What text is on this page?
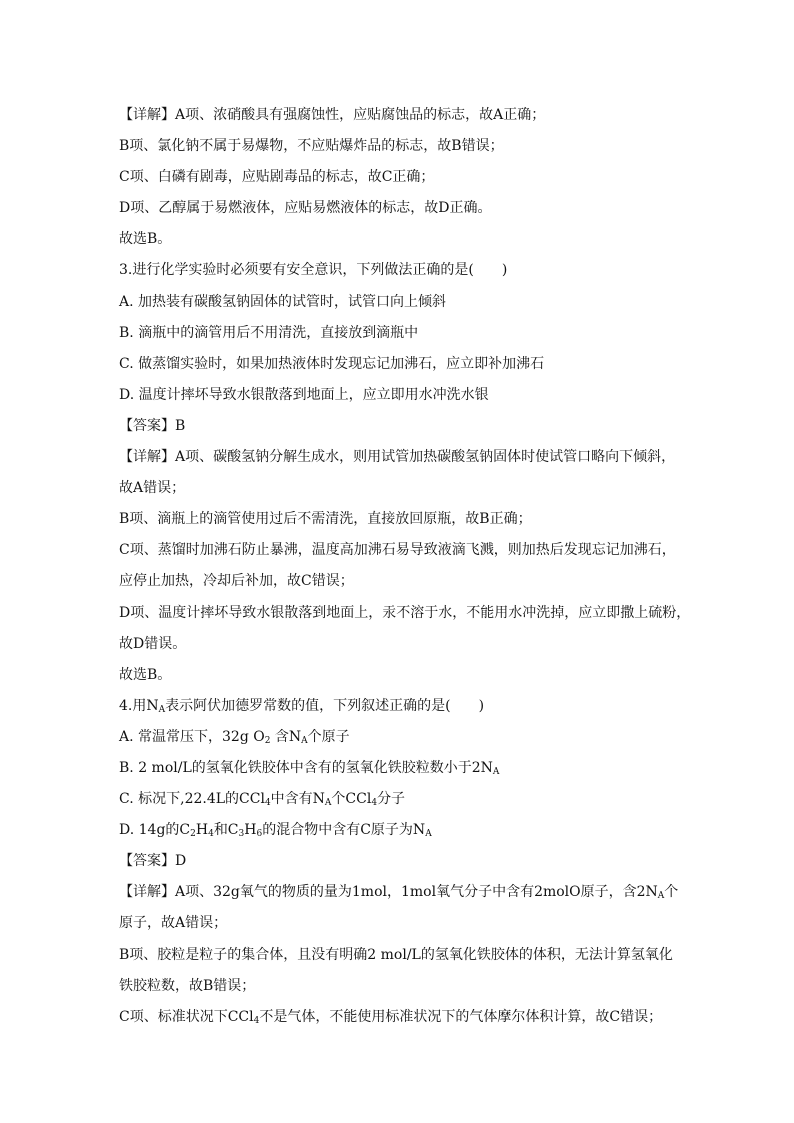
【详解】A项、浓硝酸具有强腐蚀性，应贴腐蚀品的标志，故A正确；
B项、氯化钠不属于易爆物，不应贴爆炸品的标志，故B错误；
C项、白磷有剧毒，应贴剧毒品的标志，故C正确；
D项、乙醇属于易燃液体，应贴易燃液体的标志，故D正确。
故选B。
3.进行化学实验时必须要有安全意识，下列做法正确的是(　　)
A. 加热装有碳酸氢钠固体的试管时，试管口向上倾斜
B. 滴瓶中的滴管用后不用清洗，直接放到滴瓶中
C. 做蒸馏实验时，如果加热液体时发现忘记加沸石，应立即补加沸石
D. 温度计摔坏导致水银散落到地面上，应立即用水冲洗水银
【答案】B
【详解】A项、碳酸氢钠分解生成水，则用试管加热碳酸氢钠固体时使试管口略向下倾斜，
故A错误；
B项、滴瓶上的滴管使用过后不需清洗，直接放回原瓶，故B正确；
C项、蒸馏时加沸石防止暴沸，温度高加沸石易导致液滴飞溅，则加热后发现忘记加沸石，
应停止加热，冷却后补加，故C错误；
D项、温度计摔坏导致水银散落到地面上，汞不溶于水，不能用水冲洗掉，应立即撒上硫粉，
故D错误。
故选B。
4.用$N_A$表示阿伏加德罗常数的值，下列叙述正确的是(　　)
A. 常温常压下，32g $O_2$ 含$N_A$个原子
B. 2 mol/L的氢氧化铁胶体中含有的氢氧化铁胶粒数小于$2N_A$
C. 标况下,22.4L的CCl$_4$中含有$N_A$个CCl$_4$分子
D. 14g的$C_2H_4$和$C_3H_6$的混合物中含有C原子为$N_A$
【答案】D
【详解】A项、32g氧气的物质的量为1mol，1mol氧气分子中含有2molO原子，含$2N_A$个
原子，故A错误；
B项、胶粒是粒子的集合体，且没有明确2 mol/L的氢氧化铁胶体的体积，无法计算氢氧化
铁胶粒数，故B错误；
C项、标准状况下CCl$_4$不是气体，不能使用标准状况下的气体摩尔体积计算，故C错误；
